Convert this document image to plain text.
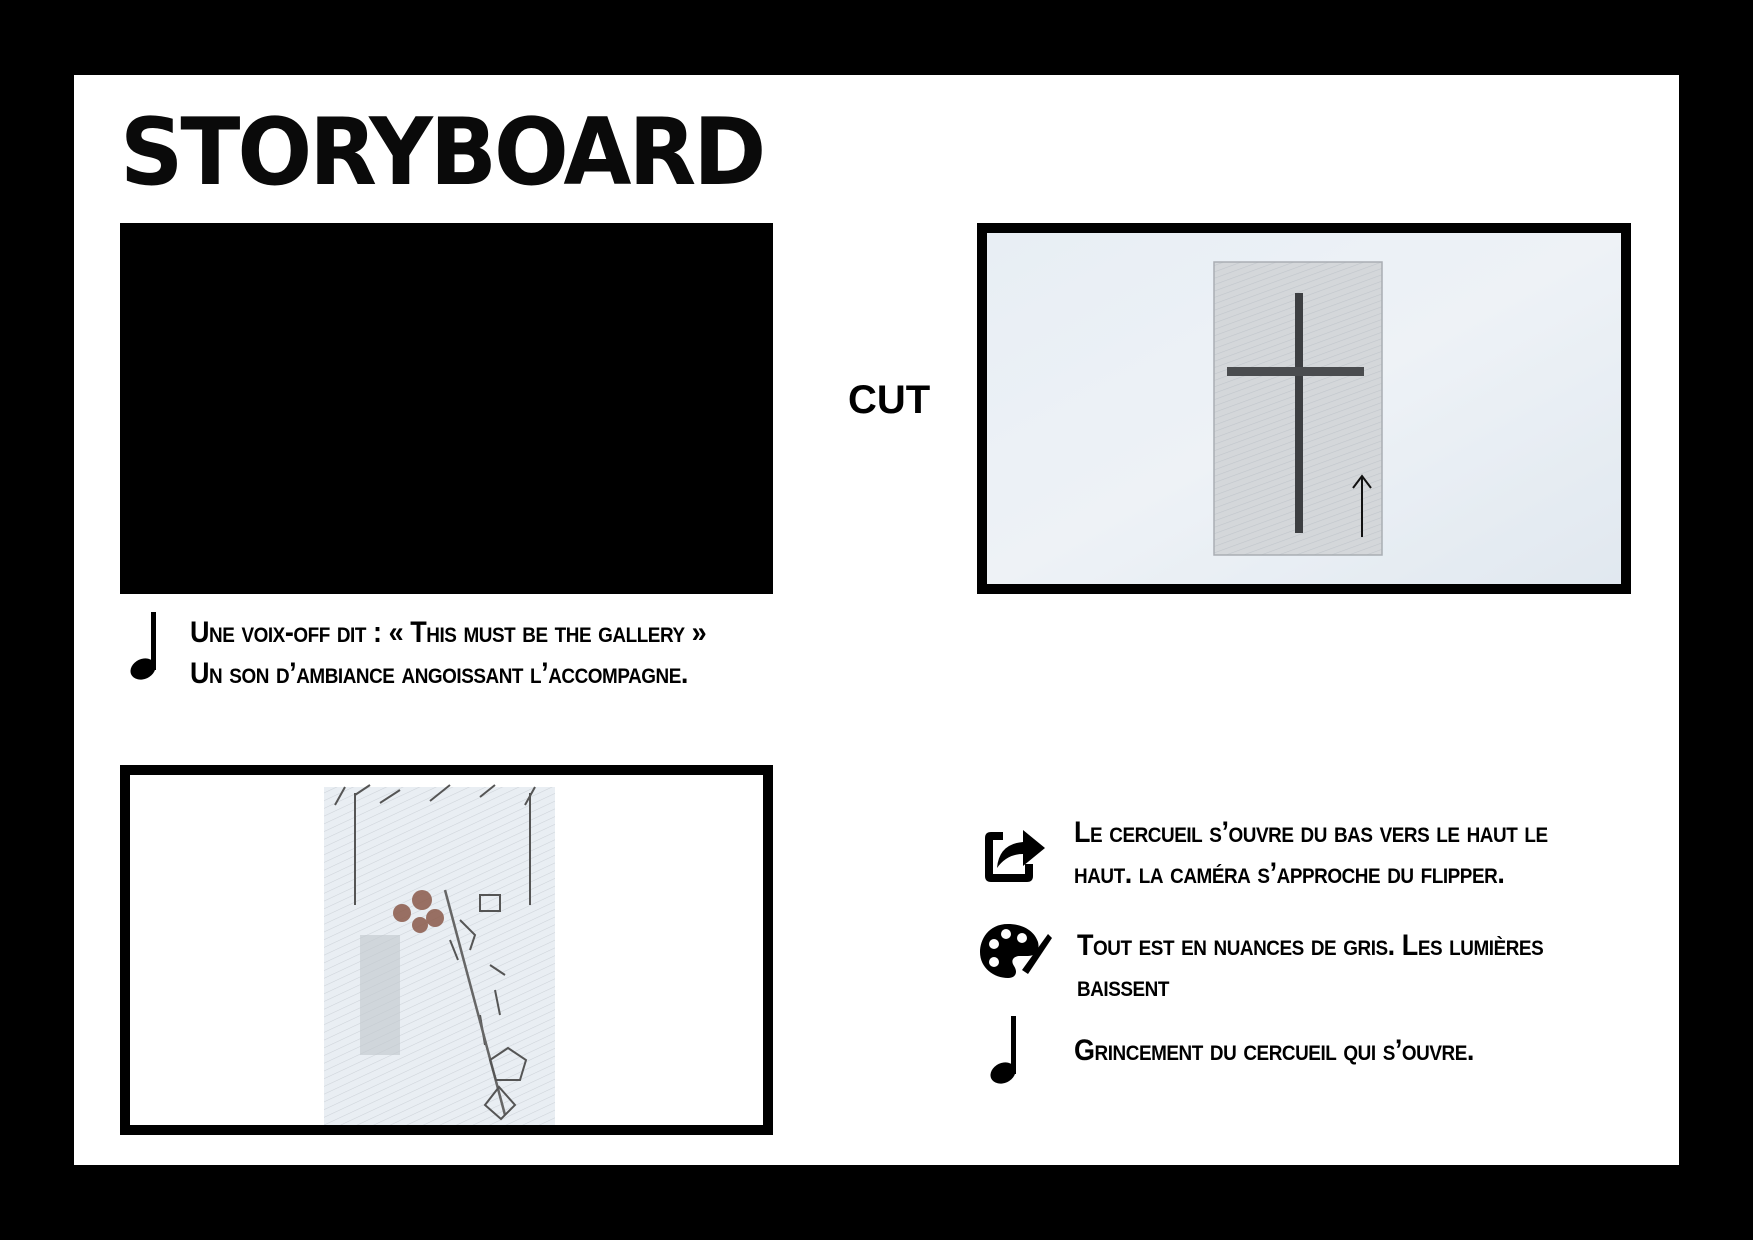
STORYBOARD
CUT
Une voix-off dit : « This must be the gallery »
Un son d’ambiance angoissant l’accompagne.
Le cercueil s’ouvre du bas vers le haut le
haut. la caméra s’approche du flipper.
Tout est en nuances de gris. Les lumières
baissent
Grincement du cercueil qui s’ouvre.
